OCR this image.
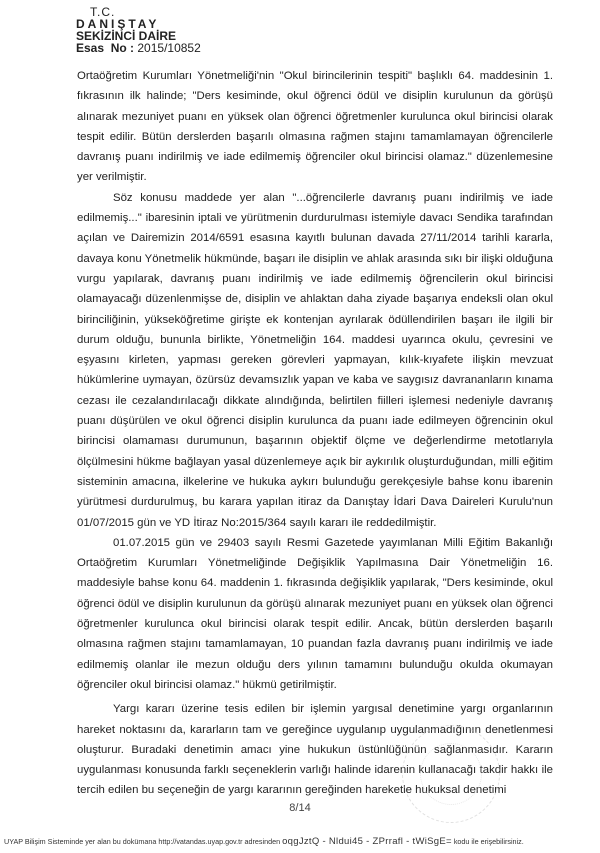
T.C.
DANIŞTAY
SEKİZİNCİ DAİRE
Esas No : 2015/10852

Ortaöğretim Kurumları Yönetmeliği'nin "Okul birincilerinin tespiti" başlıklı 64. maddesinin 1. fıkrasının ilk halinde; "Ders kesiminde, okul öğrenci ödül ve disiplin kurulunun da görüşü alınarak mezuniyet puanı en yüksek olan öğrenci öğretmenler kurulunca okul birincisi olarak tespit edilir. Bütün derslerden başarılı olmasına rağmen stajını tamamlamayan öğrencilerle davranış puanı indirilmiş ve iade edilmemiş öğrenciler okul birincisi olamaz." düzenlemesine yer verilmiştir.

Söz konusu maddede yer alan "...öğrencilerle davranış puanı indirilmiş ve iade edilmemiş..." ibaresinin iptali ve yürütmenin durdurulması istemiyle davacı Sendika tarafından açılan ve Dairemizin 2014/6591 esasına kayıtlı bulunan davada 27/11/2014 tarihli kararla, davaya konu Yönetmelik hükmünde, başarı ile disiplin ve ahlak arasında sıkı bir ilişki olduğuna vurgu yapılarak, davranış puanı indirilmiş ve iade edilmemiş öğrencilerin okul birincisi olamayacağı düzenlenmişse de, disiplin ve ahlaktan daha ziyade başarıya endeksli olan okul birinciliğinin, yükseköğretime girişte ek kontenjan ayrılarak ödüllendirilen başarı ile ilgili bir durum olduğu, bununla birlikte, Yönetmeliğin 164. maddesi uyarınca okulu, çevresini ve eşyasını kirleten, yapması gereken görevleri yapmayan, kılık-kıyafete ilişkin mevzuat hükümlerine uymayan, özürsüz devamsızlık yapan ve kaba ve saygısız davrananların kınama cezası ile cezalandırılacağı dikkate alındığında, belirtilen fiilleri işlemesi nedeniyle davranış puanı düşürülen ve okul öğrenci disiplin kurulunca da puanı iade edilmeyen öğrencinin okul birincisi olamaması durumunun, başarının objektif ölçme ve değerlendirme metotlarıyla ölçülmesini hükme bağlayan yasal düzenlemeye açık bir aykırılık oluşturduğundan, milli eğitim sisteminin amacına, ilkelerine ve hukuka aykırı bulunduğu gerekçesiyle bahse konu ibarenin yürütmesi durdurulmuş, bu karara yapılan itiraz da Danıştay İdari Dava Daireleri Kurulu'nun 01/07/2015 gün ve YD İtiraz No:2015/364 sayılı kararı ile reddedilmiştir.

01.07.2015 gün ve 29403 sayılı Resmi Gazetede yayımlanan Milli Eğitim Bakanlığı Ortaöğretim Kurumları Yönetmeliğinde Değişiklik Yapılmasına Dair Yönetmeliğin 16. maddesiyle bahse konu 64. maddenin 1. fıkrasında değişiklik yapılarak, "Ders kesiminde, okul öğrenci ödül ve disiplin kurulunun da görüşü alınarak mezuniyet puanı en yüksek olan öğrenci öğretmenler kurulunca okul birincisi olarak tespit edilir. Ancak, bütün derslerden başarılı olmasına rağmen stajını tamamlamayan, 10 puandan fazla davranış puanı indirilmiş ve iade edilmemiş olanlar ile mezun olduğu ders yılının tamamını bulunduğu okulda okumayan öğrenciler okul birincisi olamaz." hükmü getirilmiştir.

Yargı kararı üzerine tesis edilen bir işlemin yargısal denetimine yargı organlarının hareket noktasını da, kararların tam ve gereğince uygulanıp uygulanmadığının denetlenmesi oluşturur. Buradaki denetimin amacı yine hukukun üstünlüğünün sağlanmasıdır. Kararın uygulanması konusunda farklı seçeneklerin varlığı halinde idarenin kullanacağı takdir hakkı ile tercih edilen bu seçeneğin de yargı kararının gereğinden hareketle hukuksal denetimi

8/14
UYAP Bilişim Sisteminde yer alan bu dokümana http://vatandas.uyap.gov.tr adresinden oqgJztQ - Nldui45 - ZPrrafl - tWiSgE= kodu ile erişebilirsiniz.
